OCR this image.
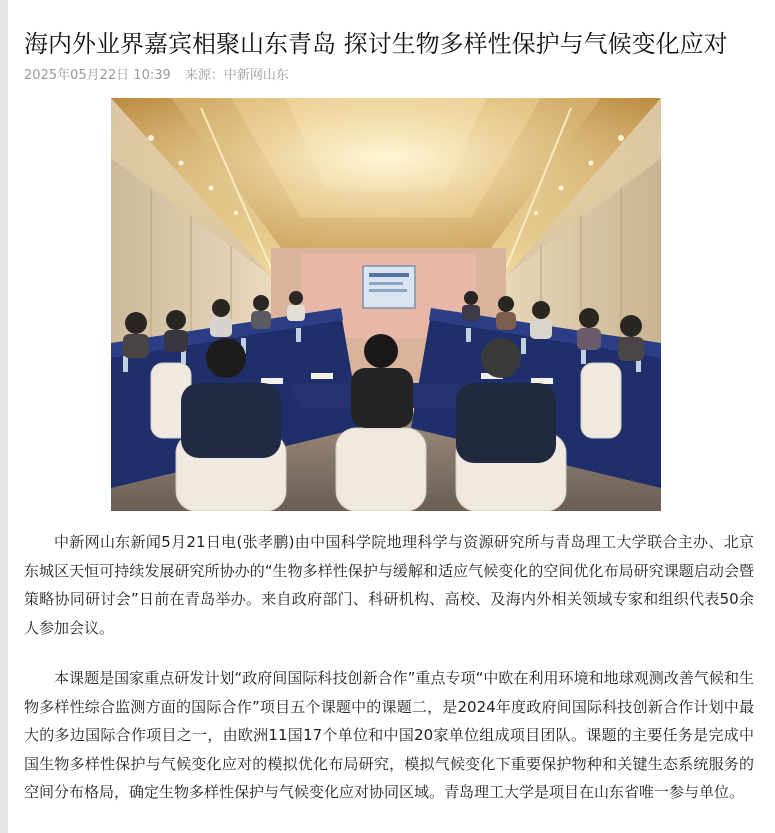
海内外业界嘉宾相聚山东青岛 探讨生物多样性保护与气候变化应对
2025年05月22日 10:39 来源：中新网山东

中新网山东新闻5月21日电(张孝鹏)由中国科学院地理科学与资源研究所与青岛理工大学联合主办、北京东城区天恒可持续发展研究所协办的“生物多样性保护与缓解和适应气候变化的空间优化布局研究课题启动会暨策略协同研讨会”日前在青岛举办。来自政府部门、科研机构、高校、及海内外相关领域专家和组织代表50余人参加会议。

本课题是国家重点研发计划“政府间国际科技创新合作”重点专项“中欧在利用环境和地球观测改善气候和生物多样性综合监测方面的国际合作”项目五个课题中的课题二，是2024年度政府间国际科技创新合作计划中最大的多边国际合作项目之一，由欧洲11国17个单位和中国20家单位组成项目团队。课题的主要任务是完成中国生物多样性保护与气候变化应对的模拟优化布局研究，模拟气候变化下重要保护物种和关键生态系统服务的空间分布格局，确定生物多样性保护与气候变化应对协同区域。青岛理工大学是项目在山东省唯一参与单位。
